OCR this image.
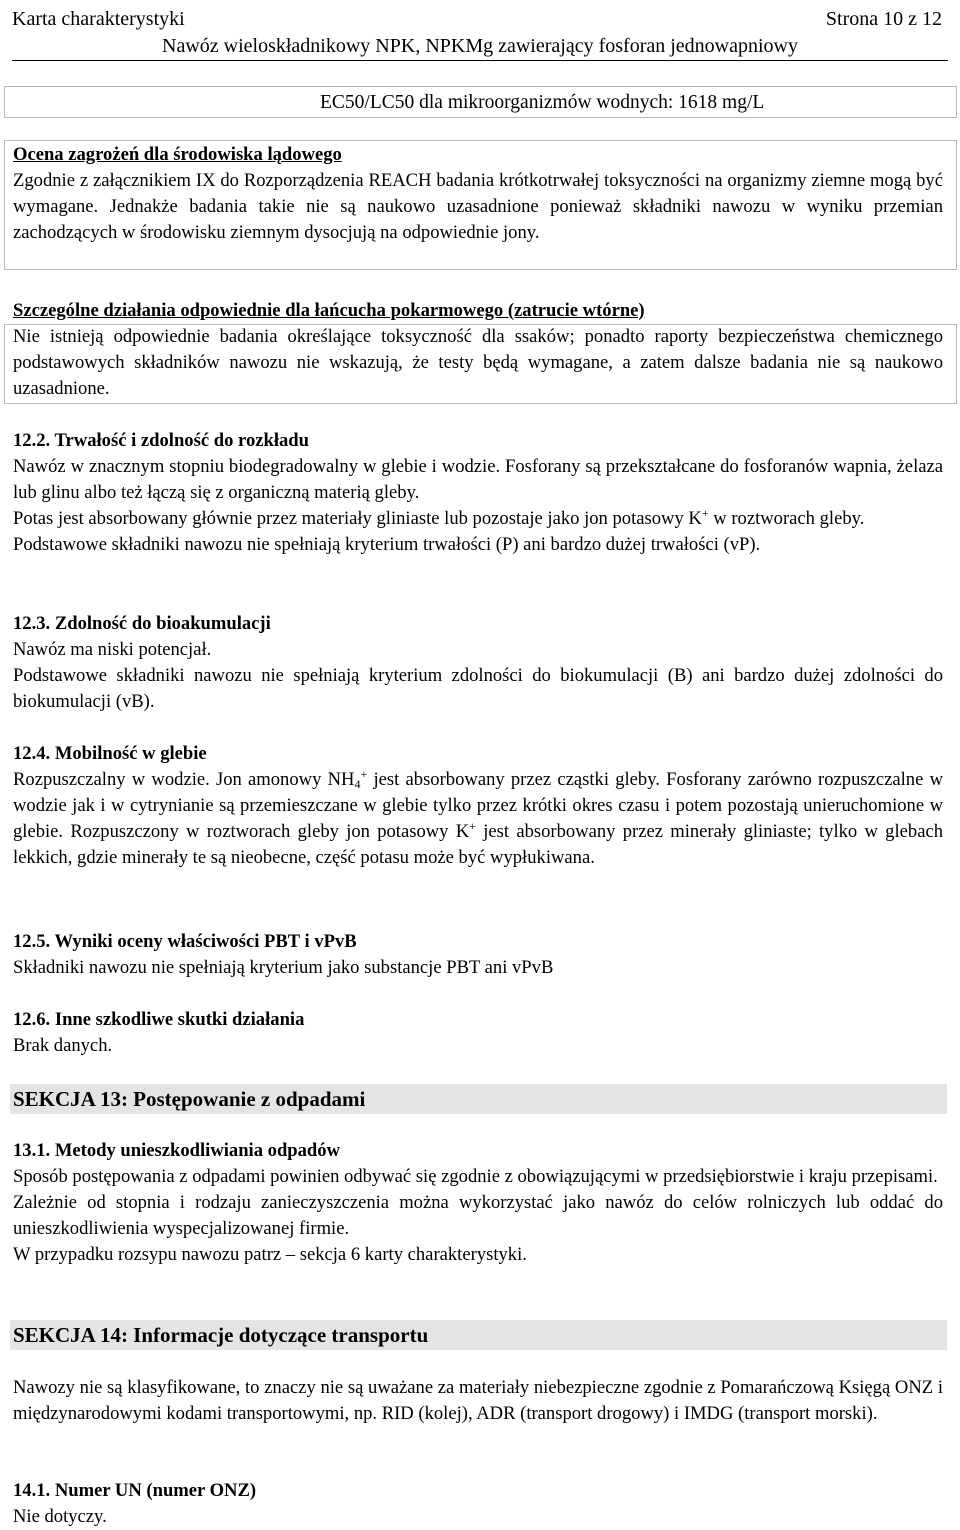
Karta charakterystyki	Strona 10 z 12
Nawóz wieloskładnikowy NPK, NPKMg zawierający fosforan jednowapniowy
EC50/LC50 dla mikroorganizmów wodnych: 1618 mg/L

Ocena zagrożeń dla środowiska lądowego

Zgodnie z załącznikiem IX do Rozporządzenia REACH badania krótkotrwałej toksyczności na organizmy ziemne mogą być wymagane. Jednakże badania takie nie są naukowo uzasadnione ponieważ składniki nawozu w wyniku przemian zachodzących w środowisku ziemnym dysocjują na odpowiednie jony.

Szczególne działania odpowiednie dla łańcucha pokarmowego (zatrucie wtórne)

Nie istnieją odpowiednie badania określające toksyczność dla ssaków; ponadto raporty bezpieczeństwa chemicznego podstawowych składników nawozu nie wskazują, że testy będą wymagane, a zatem dalsze badania nie są naukowo uzasadnione.

12.2. Trwałość i zdolność do rozkładu

Nawóz w znacznym stopniu biodegradowalny w glebie i wodzie. Fosforany są przekształcane do fosforanów wapnia, żelaza lub glinu albo też łączą się z organiczną materią gleby.

Potas jest absorbowany głównie przez materiały gliniaste lub pozostaje jako jon potasowy K+ w roztworach gleby.

Podstawowe składniki nawozu nie spełniają kryterium trwałości (P) ani bardzo dużej trwałości (vP).

12.3. Zdolność do bioakumulacji

Nawóz ma niski potencjał.

Podstawowe składniki nawozu nie spełniają kryterium zdolności do biokumulacji (B) ani bardzo dużej zdolności do biokumulacji (vB).

12.4. Mobilność w glebie

Rozpuszczalny w wodzie. Jon amonowy $NH_4^+$ jest absorbowany przez cząstki gleby. Fosforany zarówno rozpuszczalne w wodzie jak i w cytrynianie są przemieszczane w glebie tylko przez krótki okres czasu i potem pozostają unieruchomione w glebie. Rozpuszczony w roztworach gleby jon potasowy K+ jest absorbowany przez minerały gliniaste; tylko w glebach lekkich, gdzie minerały te są nieobecne, część potasu może być wypłukiwana.

12.5. Wyniki oceny właściwości PBT i vPvB

Składniki nawozu nie spełniają kryterium jako substancje PBT ani vPvB

12.6. Inne szkodliwe skutki działania

Brak danych.

SEKCJA 13: Postępowanie z odpadami

13.1. Metody unieszkodliwiania odpadów

Sposób postępowania z odpadami powinien odbywać się zgodnie z obowiązującymi w przedsiębiorstwie i kraju przepisami.

Zależnie od stopnia i rodzaju zanieczyszczenia można wykorzystać jako nawóz do celów rolniczych lub oddać do unieszkodliwienia wyspecjalizowanej firmie.

W przypadku rozsypu nawozu patrz – sekcja 6 karty charakterystyki.

SEKCJA 14: Informacje dotyczące transportu

Nawozy nie są klasyfikowane, to znaczy nie są uważane za materiały niebezpieczne zgodnie z Pomarańczową Księgą ONZ i międzynarodowymi kodami transportowymi, np. RID (kolej), ADR (transport drogowy) i IMDG (transport morski).

14.1. Numer UN (numer ONZ)

Nie dotyczy.
